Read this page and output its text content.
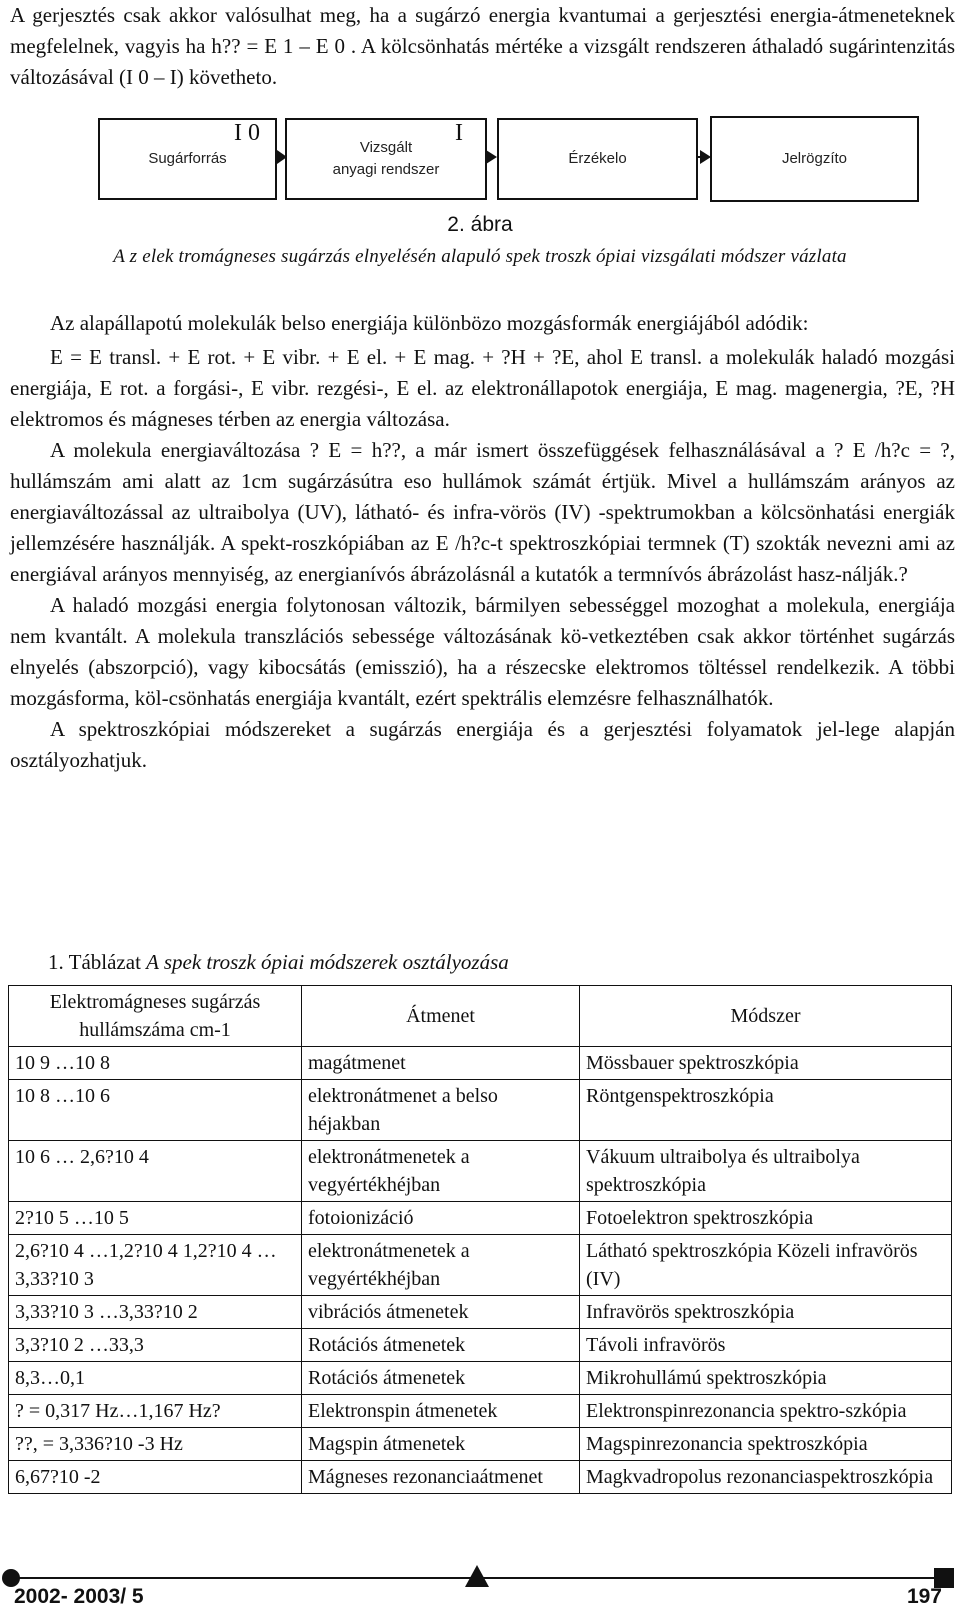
A gerjesztés csak akkor valósulhat meg, ha a sugárzó energia kvantumai a gerjesztési energia-átmeneteknek megfelelnek, vagyis ha h?? = E 1 – E 0 . A kölcsönhatás mértéke a vizsgált rendszeren áthaladó sugárintenzitás változásával (I 0 – I) követheto.

Sugárforrás
Vizsgált
anyagi rendszer
Érzékelo	Jelrögzíto
I 0	I
2. ábra
A z elek tromágneses sugárzás elnyelésén alapuló spek troszk ópiai vizsgálati módszer vázlata

Az alapállapotú molekulák belso energiája különbözo mozgásformák energiájából adódik:

E = E transl. + E rot. + E vibr. + E el. + E mag. + ?H + ?E, ahol E transl. a molekulák haladó mozgási energiája, E rot. a forgási-, E vibr. rezgési-, E el. az elektronállapotok energiája, E mag. magenergia, ?E, ?H elektromos és mágneses térben az energia változása.

A molekula energiaváltozása ? E = h??, a már ismert összefüggések felhasználásával a ? E /h?c = ?, hullámszám ami alatt az 1cm sugárzásútra eso hullámok számát értjük. Mivel a hullámszám arányos az energiaváltozással az ultraibolya (UV), látható- és infra-vörös (IV) -spektrumokban a kölcsönhatási energiák jellemzésére használják. A spekt-roszkópiában az E /h?c-t spektroszkópiai termnek (T) szokták nevezni ami az energiával arányos mennyiség, az energianívós ábrázolásnál a kutatók a termnívós ábrázolást hasz-nálják.?

A haladó mozgási energia folytonosan változik, bármilyen sebességgel mozoghat a molekula, energiája nem kvantált. A molekula transzlációs sebessége változásának kö-vetkeztében csak akkor történhet sugárzás elnyelés (abszorpció), vagy kibocsátás (emisszió), ha a részecske elektromos töltéssel rendelkezik. A többi mozgásforma, köl-csönhatás energiája kvantált, ezért spektrális elemzésre felhasználhatók.

A spektroszkópiai módszereket a sugárzás energiája és a gerjesztési folyamatok jel-lege alapján osztályozhatjuk.

1. Táblázat A spek troszk ópiai módszerek osztályozása
Elektromágneses sugárzás hullámszáma cm-1	Átmenet	Módszer
10 9 …10 8	magátmenet	Mössbauer spektroszkópia
10 8 …10 6	elektronátmenet a belso héjakban	Röntgenspektroszkópia
10 6 … 2,6?10 4	elektronátmenetek a vegyértékhéjban	Vákuum ultraibolya és ultraibolya spektroszkópia
2?10 5 …10 5	fotoionizáció	Fotoelektron spektroszkópia
2,6?10 4 …1,2?10 4 1,2?10 4 …3,33?10 3	elektronátmenetek a vegyértékhéjban	Látható spektroszkópia Közeli infravörös (IV)
3,33?10 3 …3,33?10 2	vibrációs átmenetek	Infravörös spektroszkópia
3,3?10 2 …33,3	Rotációs átmenetek	Távoli infravörös
8,3…0,1	Rotációs átmenetek	Mikrohullámú spektroszkópia
? = 0,317 Hz…1,167 Hz?	Elektronspin átmenetek	Elektronspinrezonancia spektro-szkópia
??, = 3,336?10 -3 Hz	Magspin átmenetek	Magspinrezonancia spektroszkópia
6,67?10 -2	Mágneses rezonanciaátmenet	Magkvadropolus rezonanciaspektroszkópia
2002- 2003/ 5	197
